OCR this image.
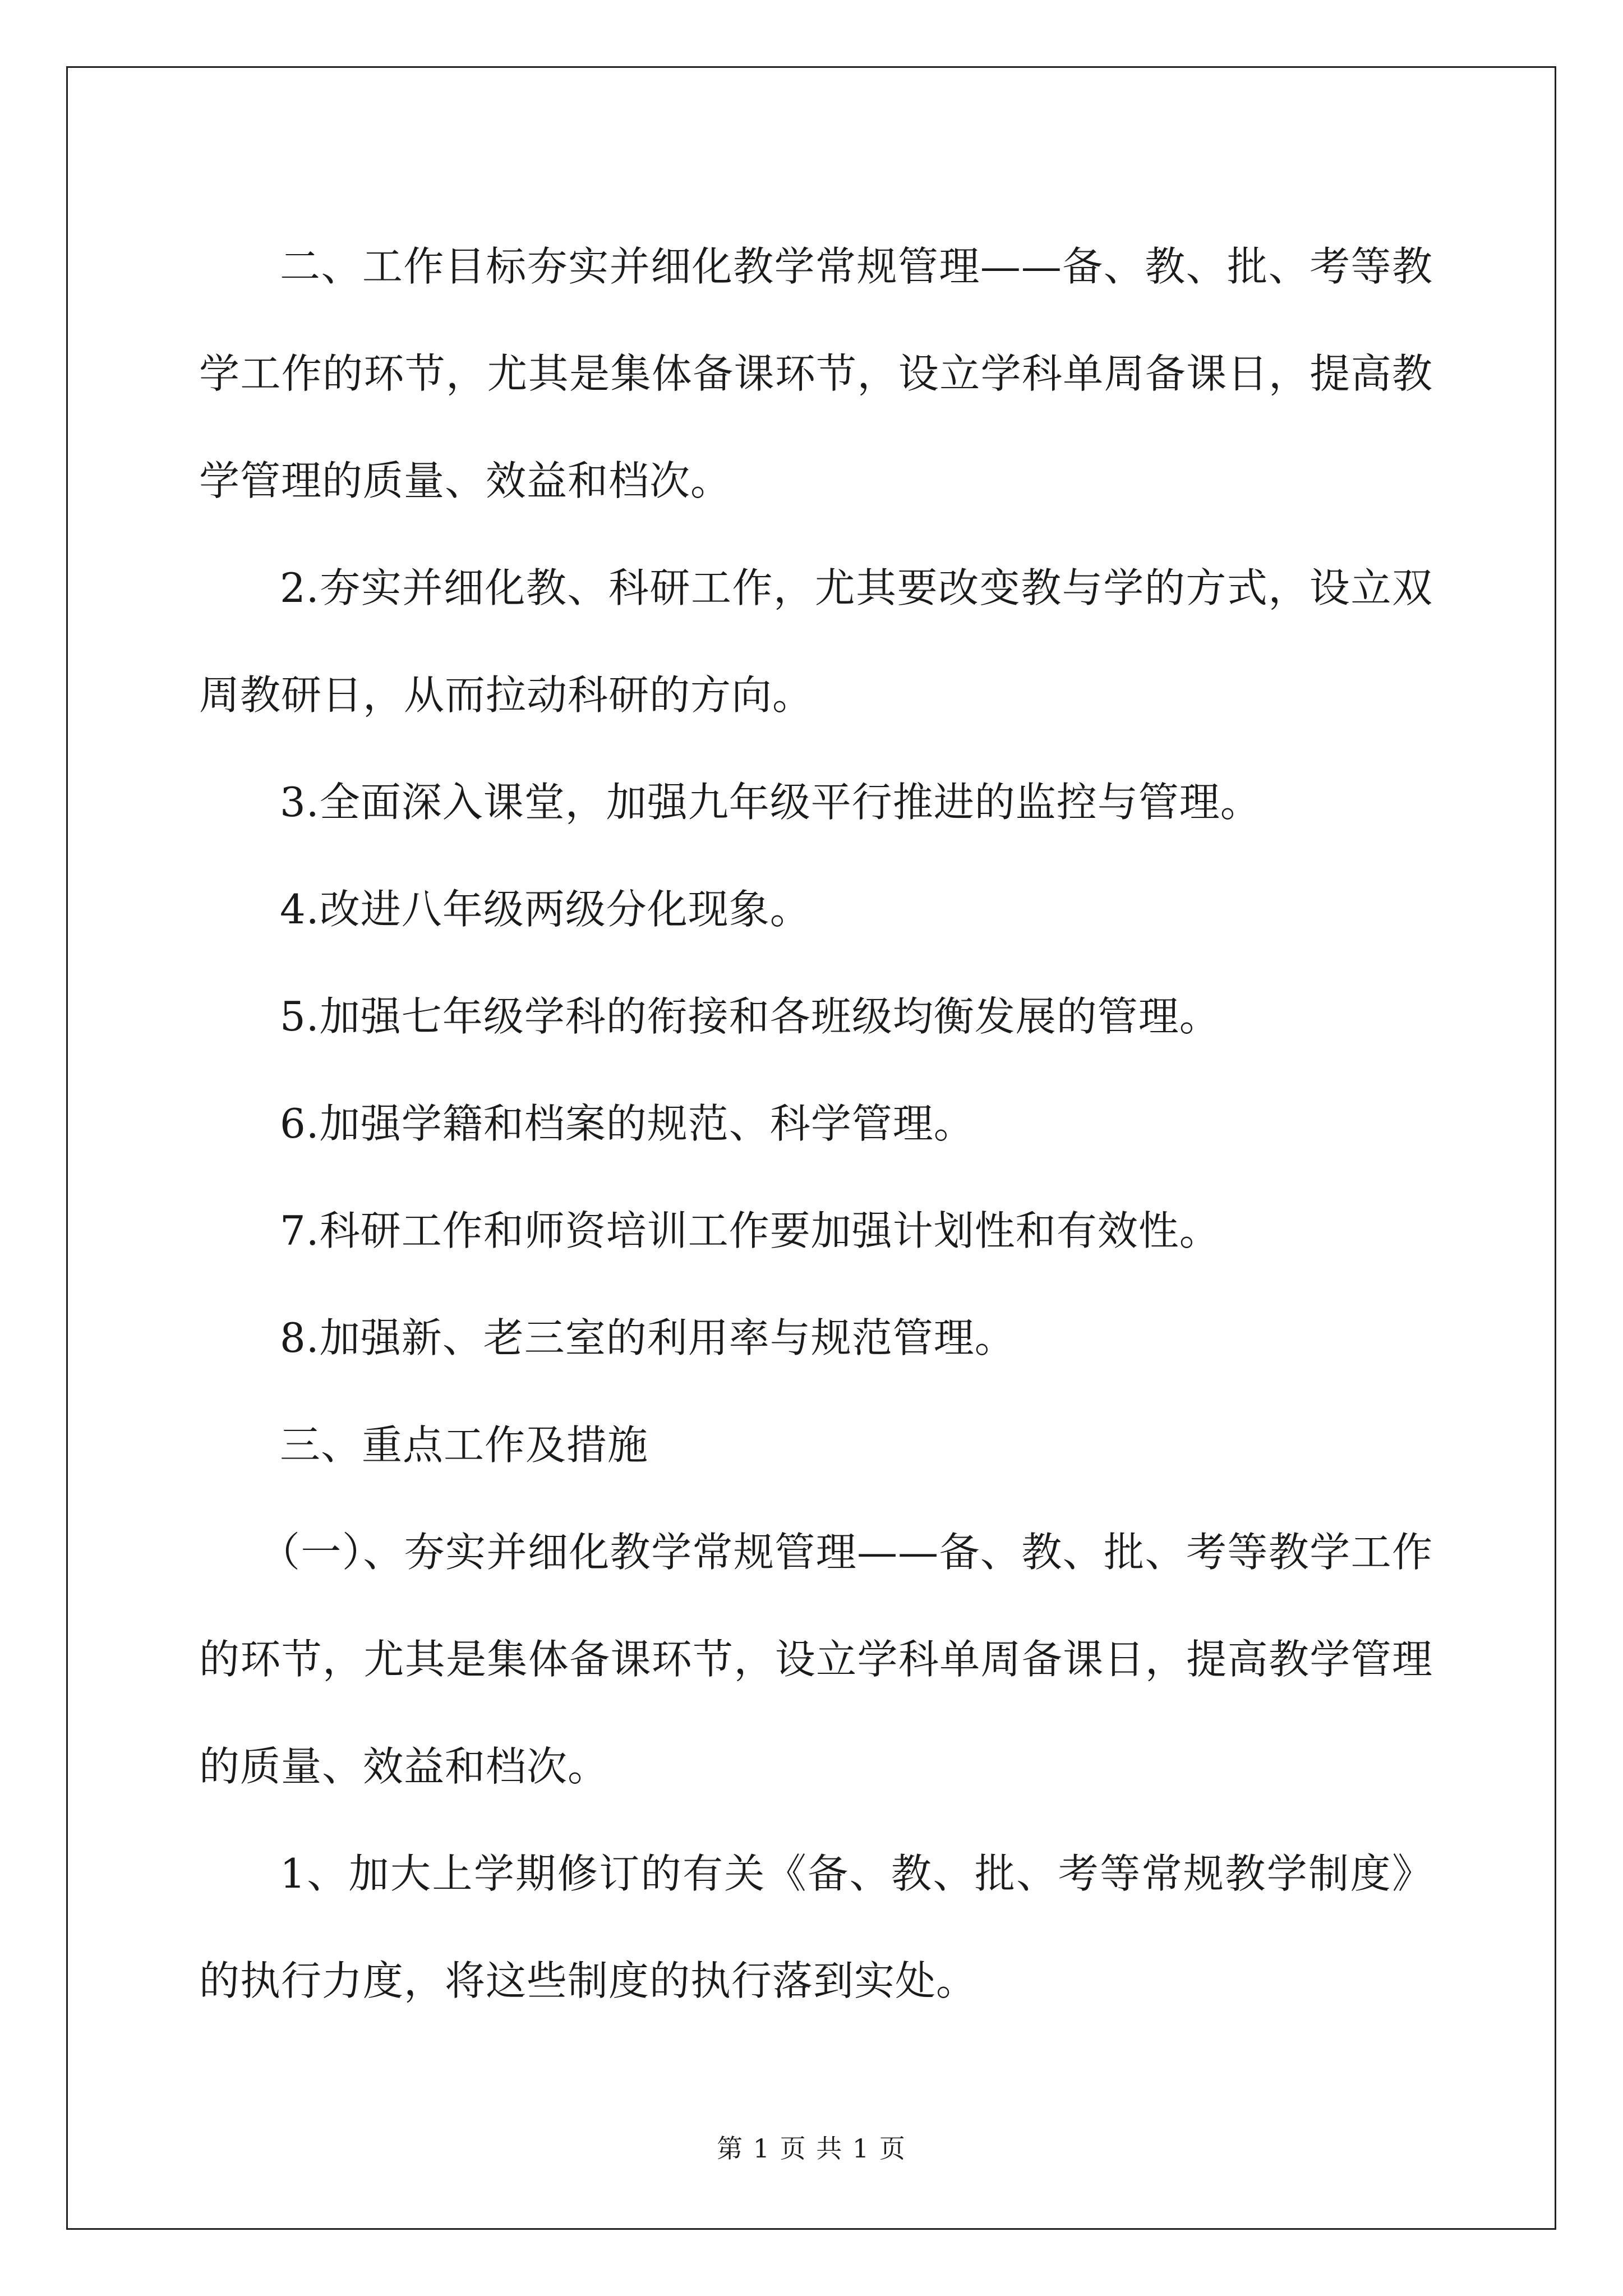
二、工作目标夯实并细化教学常规管理——备、教、批、考等教学工作的环节，尤其是集体备课环节，设立学科单周备课日，提高教学管理的质量、效益和档次。

2.夯实并细化教、科研工作，尤其要改变教与学的方式，设立双周教研日，从而拉动科研的方向。

3.全面深入课堂，加强九年级平行推进的监控与管理。

4.改进八年级两级分化现象。

5.加强七年级学科的衔接和各班级均衡发展的管理。

6.加强学籍和档案的规范、科学管理。

7.科研工作和师资培训工作要加强计划性和有效性。

8.加强新、老三室的利用率与规范管理。

三、重点工作及措施

（一）、夯实并细化教学常规管理——备、教、批、考等教学工作的环节，尤其是集体备课环节，设立学科单周备课日，提高教学管理的质量、效益和档次。

1、加大上学期修订的有关《备、教、批、考等常规教学制度》的执行力度，将这些制度的执行落到实处。

第 1 页 共 1 页
